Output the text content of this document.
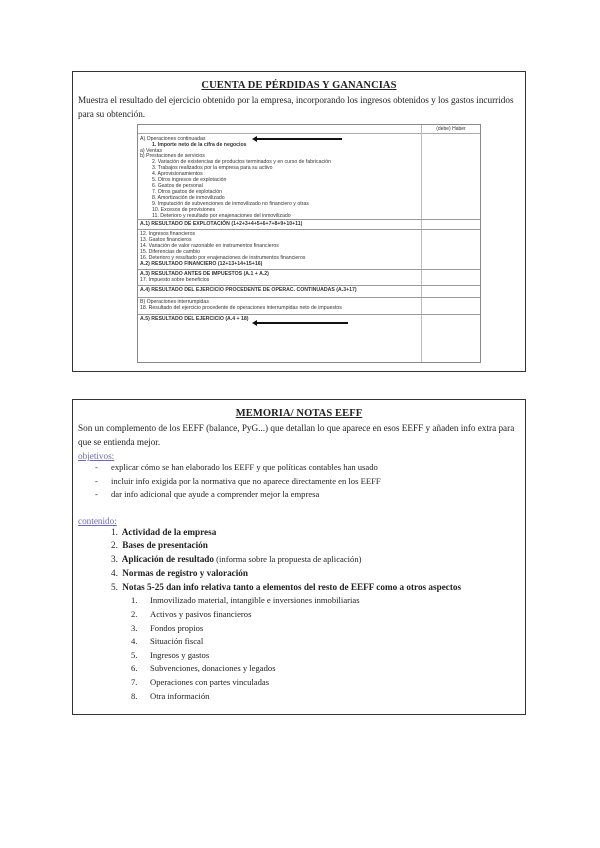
CUENTA DE PÉRDIDAS Y GANANCIAS
Muestra el resultado del ejercicio obtenido por la empresa, incorporando los ingresos obtenidos y los gastos incurridos para su obtención.
(debe) Haber
A) Operaciones continuadas
1. Importe neto de la cifra de negocios
a) Ventas
b) Prestaciones de servicios
2. Variación de existencias de productos terminados y en curso de fabricación
3. Trabajos realizados por la empresa para su activo
4. Aprovisionamientos
5. Otros ingresos de explotación
6. Gastos de personal
7. Otros gastos de explotación
8. Amortización de inmovilizado
9. Imputación de subvenciones de inmovilizado no financiero y otras
10. Excesos de provisiones
11. Deterioro y resultado por enajenaciones del inmovilizado
A.1) RESULTADO DE EXPLOTACIÓN (1+2+3+4+5+6+7+8+9+10+11)
12. Ingresos financieros
13. Gastos financieros
14. Variación de valor razonable en instrumentos financieros
15. Diferencias de cambio
16. Deterioro y resultado por enajenaciones de instrumentos financieros
A.2) RESULTADO FINANCIERO (12+13+14+15+16)
A.3) RESULTADO ANTES DE IMPUESTOS (A.1 + A.2)
17. Impuesto sobre beneficios
A.4) RESULTADO DEL EJERCICIO PROCEDENTE DE OPERAC. CONTINUADAS (A.3+17)
B) Operaciones interrumpidas
18. Resultado del ejercicio procedente de operaciones interrumpidas neto de impuestos
A.5) RESULTADO DEL EJERCICIO (A.4 + 18)
MEMORIA/ NOTAS EEFF
Son un complemento de los EEFF (balance, PyG...) que detallan lo que aparece en esos EEFF y añaden info extra para que se entienda mejor.
objetivos:
- explicar cómo se han elaborado los EEFF y que políticas contables han usado
- incluir info exigida por la normativa que no aparece directamente en los EEFF
- dar info adicional que ayude a comprender mejor la empresa
contenido:
1. Actividad de la empresa
2. Bases de presentación
3. Aplicación de resultado (informa sobre la propuesta de aplicación)
4. Normas de registro y valoración
5. Notas 5-25 dan info relativa tanto a elementos del resto de EEFF como a otros aspectos
1. Inmovilizado material, intangible e inversiones inmobiliarias
2. Activos y pasivos financieros
3. Fondos propios
4. Situación fiscal
5. Ingresos y gastos
6. Subvenciones, donaciones y legados
7. Operaciones con partes vinculadas
8. Otra información
